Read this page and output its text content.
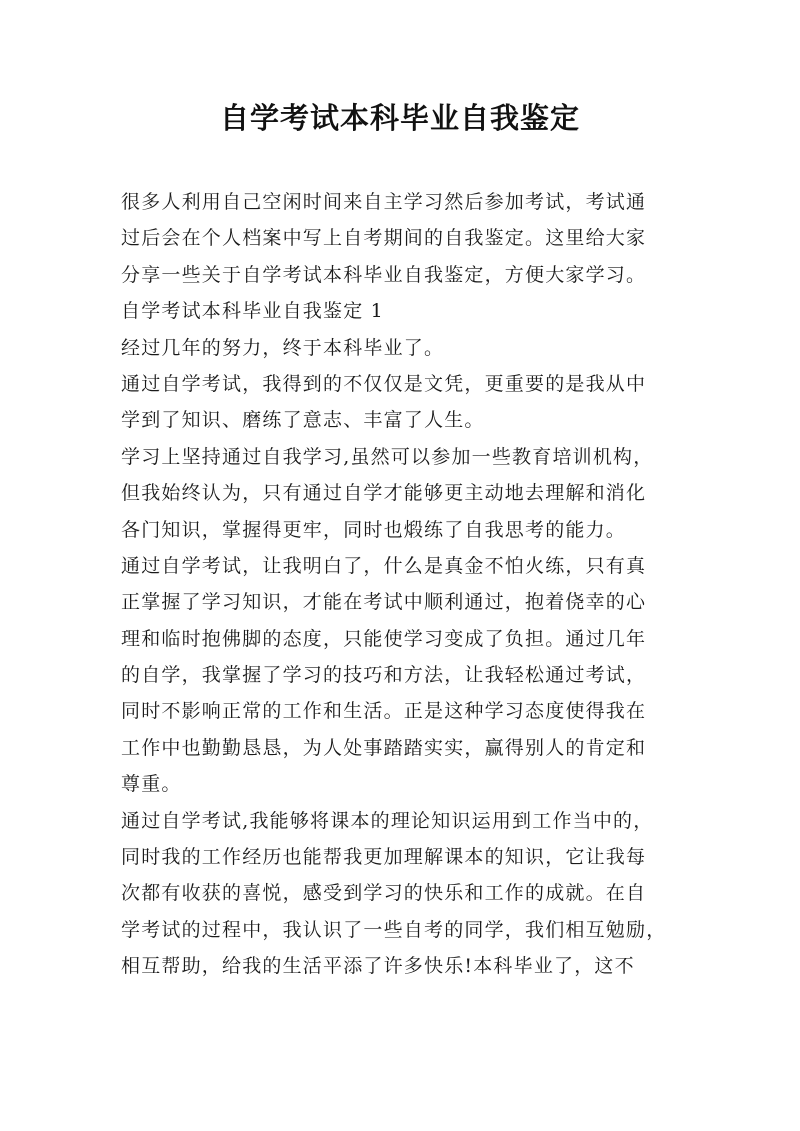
自学考试本科毕业自我鉴定
很多人利用自己空闲时间来自主学习然后参加考试，考试通
过后会在个人档案中写上自考期间的自我鉴定。这里给大家
分享一些关于自学考试本科毕业自我鉴定，方便大家学习。
自学考试本科毕业自我鉴定 1
经过几年的努力，终于本科毕业了。
通过自学考试，我得到的不仅仅是文凭，更重要的是我从中
学到了知识、磨练了意志、丰富了人生。
学习上坚持通过自我学习,虽然可以参加一些教育培训机构，
但我始终认为，只有通过自学才能够更主动地去理解和消化
各门知识，掌握得更牢，同时也煅练了自我思考的能力。
通过自学考试，让我明白了，什么是真金不怕火练，只有真
正掌握了学习知识，才能在考试中顺利通过，抱着侥幸的心
理和临时抱佛脚的态度，只能使学习变成了负担。通过几年
的自学，我掌握了学习的技巧和方法，让我轻松通过考试，
同时不影响正常的工作和生活。正是这种学习态度使得我在
工作中也勤勤恳恳，为人处事踏踏实实，赢得别人的肯定和
尊重。
通过自学考试,我能够将课本的理论知识运用到工作当中的，
同时我的工作经历也能帮我更加理解课本的知识，它让我每
次都有收获的喜悦，感受到学习的快乐和工作的成就。在自
学考试的过程中，我认识了一些自考的同学，我们相互勉励，
相互帮助，给我的生活平添了许多快乐!本科毕业了，这不
